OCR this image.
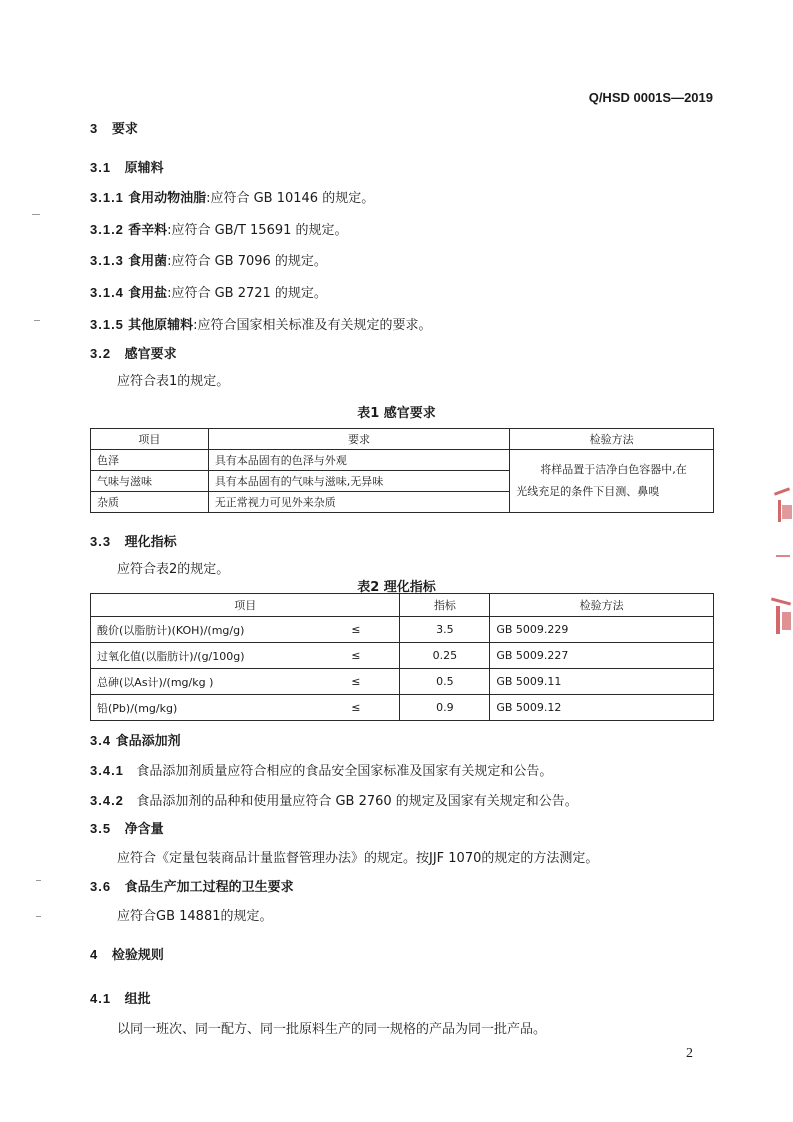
Q/HSD 0001S—2019
3 要求
3.1 原辅料
3.1.1 食用动物油脂:应符合 GB 10146 的规定。
3.1.2 香辛料:应符合 GB/T 15691 的规定。
3.1.3 食用菌:应符合 GB 7096 的规定。
3.1.4 食用盐:应符合 GB 2721 的规定。
3.1.5 其他原辅料:应符合国家相关标准及有关规定的要求。
3.2 感官要求
应符合表1的规定。
表1 感官要求
项目	要求	检验方法
色泽	具有本品固有的色泽与外观	将样品置于洁净白色容器中,在
光线充足的条件下目测、鼻嗅

气味与滋味	具有本品固有的气味与滋味,无异味	
杂质	无正常视力可见外来杂质	
3.3 理化指标
应符合表2的规定。
表2 理化指标
项目		指标	检验方法
酸价(以脂肪计)(KOH)/(mg/g)	≤	3.5	GB 5009.229
过氧化值(以脂肪计)/(g/100g)	≤	0.25	GB 5009.227
总砷(以As计)/(mg/kg )	≤	0.5	GB 5009.11
铅(Pb)/(mg/kg)	≤	0.9	GB 5009.12
3.4 食品添加剂
3.4.1 食品添加剂质量应符合相应的食品安全国家标准及国家有关规定和公告。
3.4.2 食品添加剂的品种和使用量应符合 GB 2760 的规定及国家有关规定和公告。
3.5 净含量
应符合《定量包装商品计量监督管理办法》的规定。按JJF 1070的规定的方法测定。
3.6 食品生产加工过程的卫生要求
应符合GB 14881的规定。
4 检验规则
4.1 组批
以同一班次、同一配方、同一批原料生产的同一规格的产品为同一批产品。
2
